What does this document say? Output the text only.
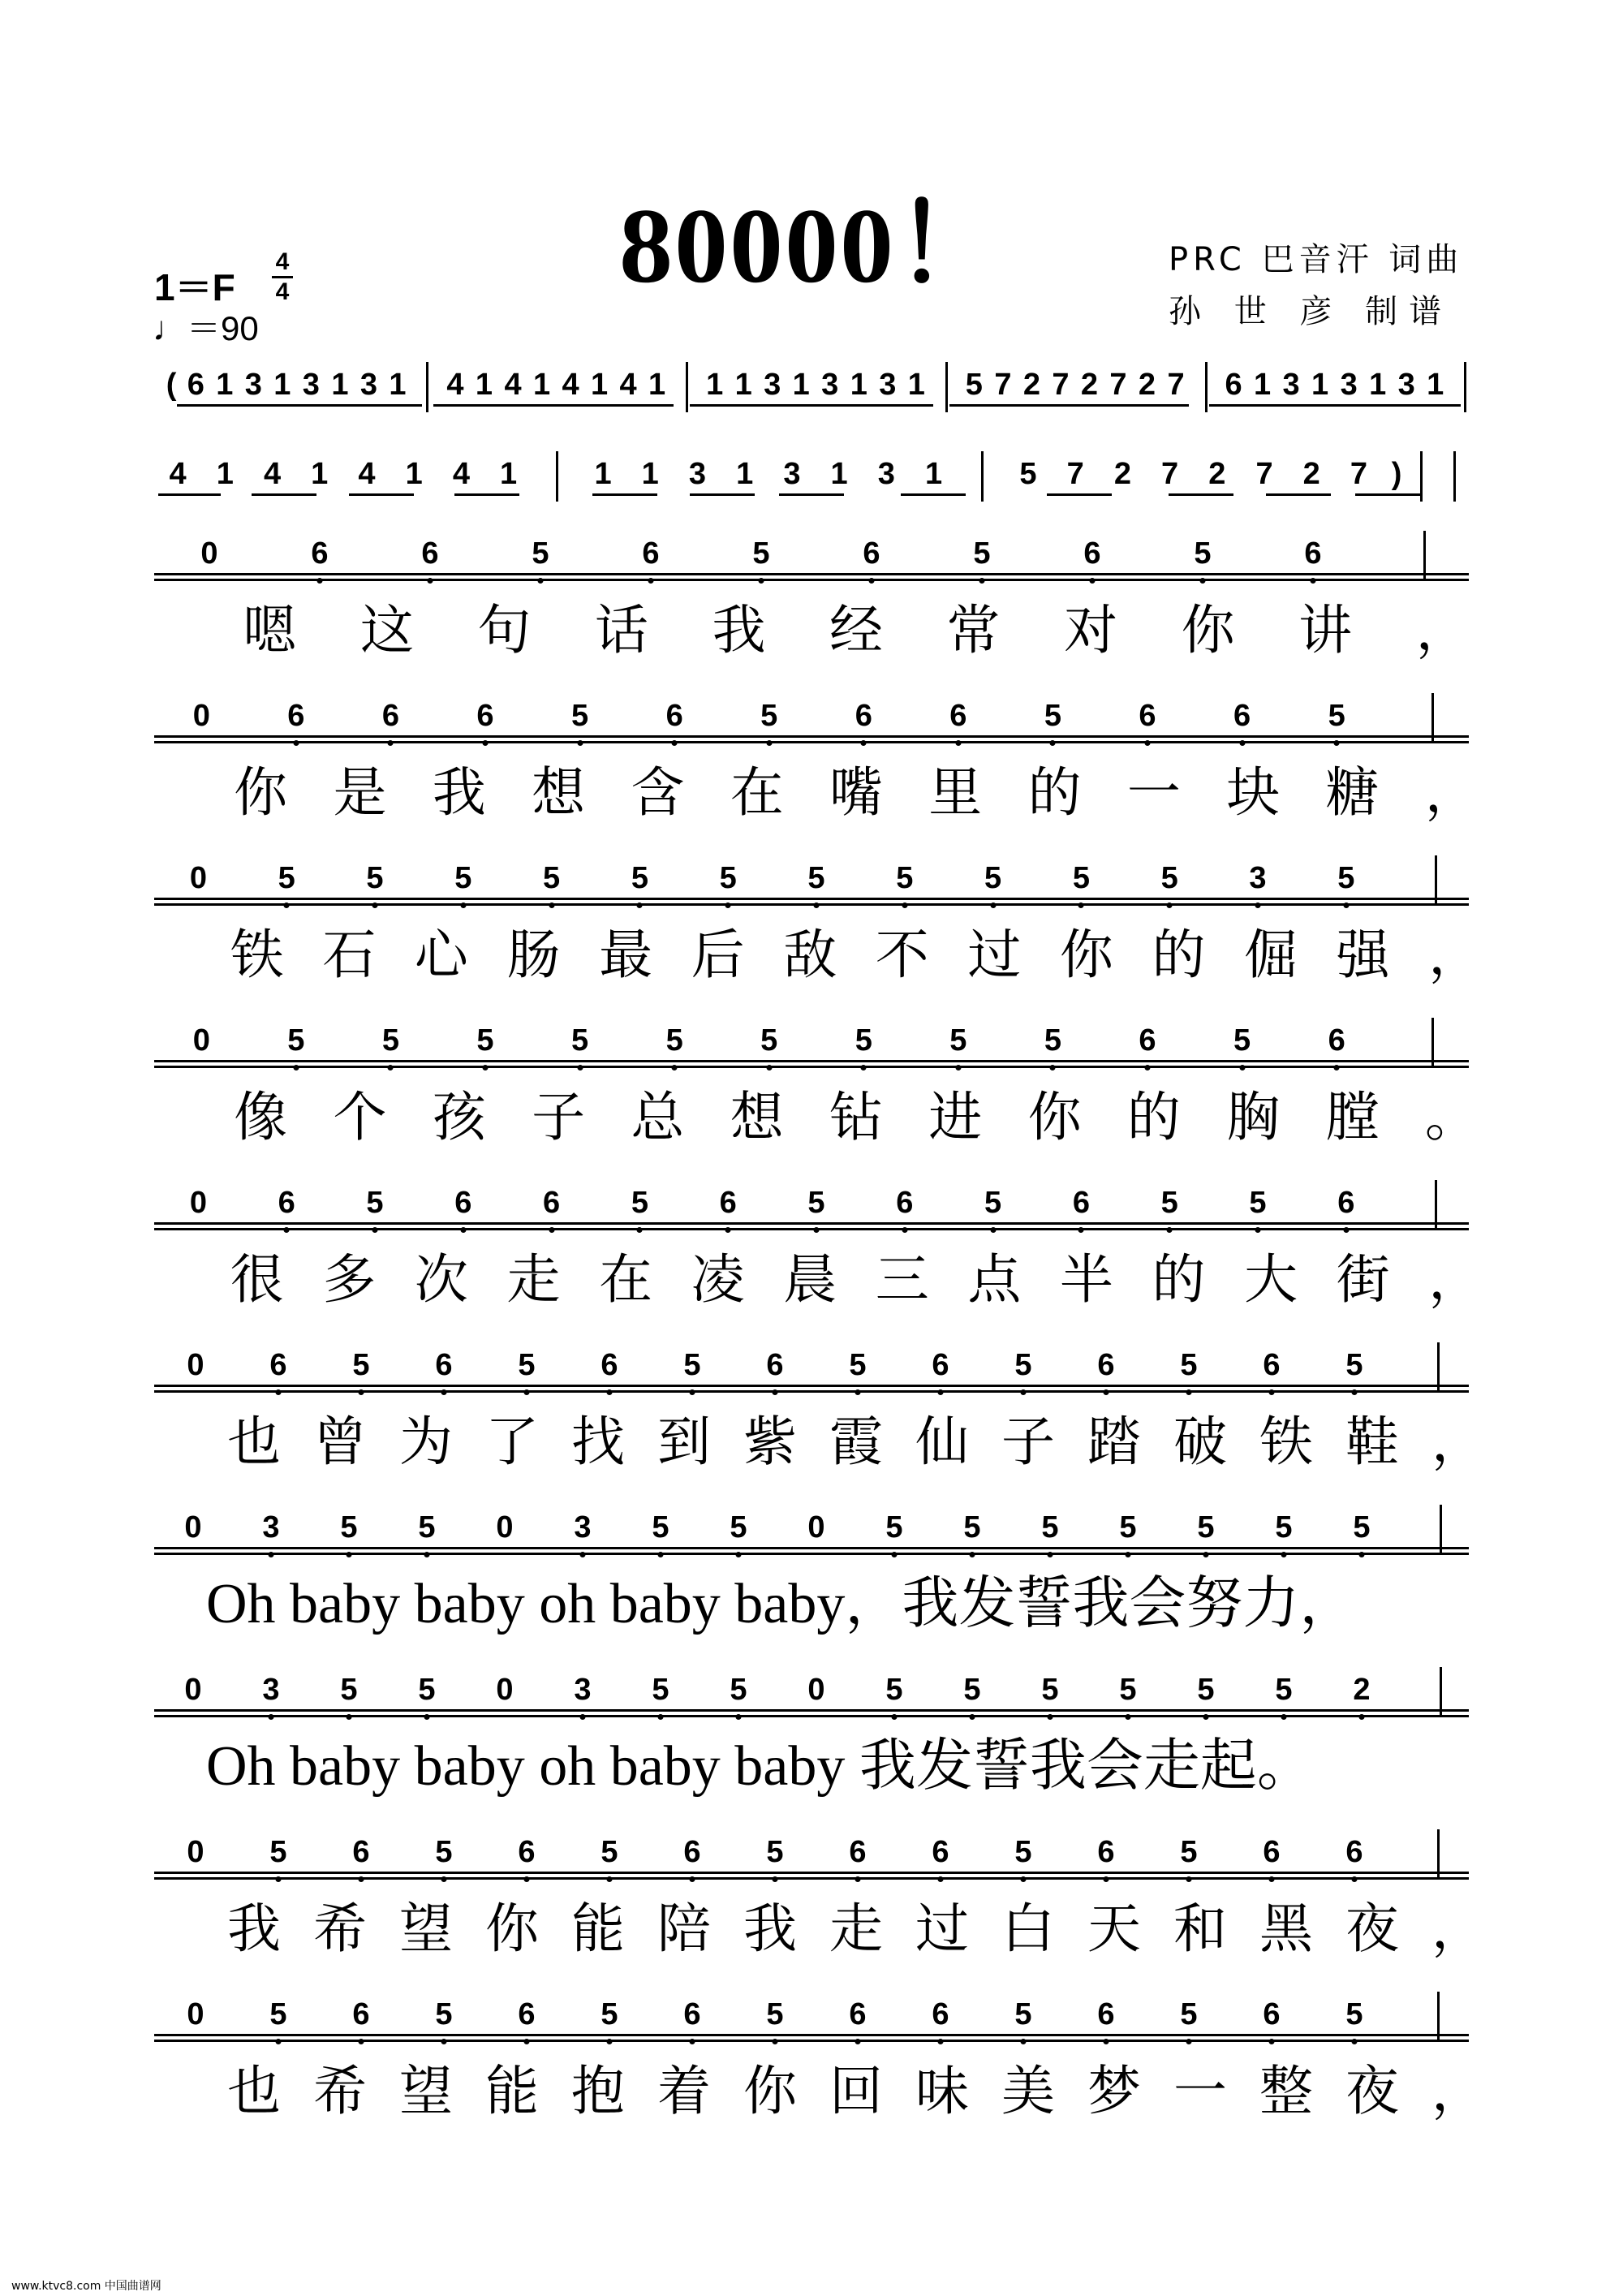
80000！	PRC 巴音汗 词曲
孙 世 彦 制谱
1＝F
4
4
♩＝90
( 6 1 3 1 3 1 3 1 4 1 4 1 4 1 4 1 1 1 3 1 3 1 3 1 5 7 2 7 2 7 2 7 6 1 3 1 3 1 3 1
4 1 4 1 4 1 4 1	1 1 3 1 3 1 3 1	5 7 2 7 2 7 2 7 )
0	6	6	5	6	5	6	5	6	5	6
嗯 这 句 话 我 经 常 对 你 讲 ，
0	6	6	6	5	6	5	6	6	5	6	6	5
你 是 我 想 含 在 嘴 里 的 一 块 糖 ，
0 5 5 5 5 5 5 5 5 5 5 5 3 5
铁 石 心 肠 最 后 敌 不 过 你 的 倔 强 ，
0	5	5	5	5	5	5	5	5	5	6	5	6
像 个 孩 子 总 想 钻 进 你 的 胸 膛 。
0 6 5 6 6 5 6 5 6 5 6 5 5 6
很 多 次 走 在 凌 晨 三 点 半 的 大 街 ，
0 6 5 6 5 6 5 6 5 6 5 6 5 6 5
也 曾 为 了 找 到 紫 霞 仙 子 踏 破 铁 鞋 ，
0 3 5 5 0 3 5 5 0 5 5 5 5 5 5 5
Oh baby baby oh baby baby，我发誓我会努力，
0 3 5 5 0 3 5 5 0 5 5 5 5 5 5 2
Oh baby baby oh baby baby 我发誓我会走起。
0 5 6 5 6 5 6 5 6 6 5 6 5 6 6
我 希 望 你 能 陪 我 走 过 白 天 和 黑 夜 ，
0 5 6 5 6 5 6 5 6 6 5 6 5 6 5
也 希 望 能 抱 着 你 回 味 美 梦 一 整 夜 ，
www.ktvc8.com 中国曲谱网
